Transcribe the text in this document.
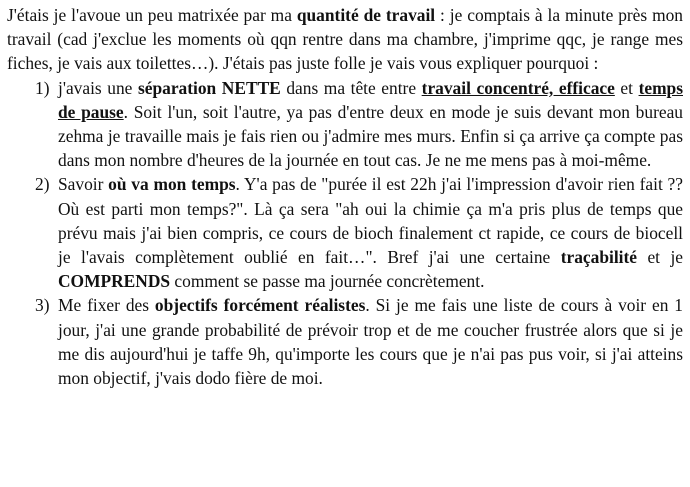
J'étais je l'avoue un peu matrixée par ma quantité de travail : je comptais à la minute près mon travail (cad j'exclue les moments où qqn rentre dans ma chambre, j'imprime qqc, je range mes fiches, je vais aux toilettes…). J'étais pas juste folle je vais vous expliquer pourquoi :

1) j'avais une séparation NETTE dans ma tête entre travail concentré, efficace et temps de pause. Soit l'un, soit l'autre, ya pas d'entre deux en mode je suis devant mon bureau zehma je travaille mais je fais rien ou j'admire mes murs. Enfin si ça arrive ça compte pas dans mon nombre d'heures de la journée en tout cas. Je ne me mens pas à moi-même.
2) Savoir où va mon temps. Y'a pas de "purée il est 22h j'ai l'impression d'avoir rien fait ?? Où est parti mon temps?". Là ça sera "ah oui la chimie ça m'a pris plus de temps que prévu mais j'ai bien compris, ce cours de bioch finalement ct rapide, ce cours de biocell je l'avais complètement oublié en fait…". Bref j'ai une certaine traçabilité et je COMPRENDS comment se passe ma journée concrètement.
3) Me fixer des objectifs forcément réalistes. Si je me fais une liste de cours à voir en 1 jour, j'ai une grande probabilité de prévoir trop et de me coucher frustrée alors que si je me dis aujourd'hui je taffe 9h, qu'importe les cours que je n'ai pas pus voir, si j'ai atteins mon objectif, j'vais dodo fière de moi.
